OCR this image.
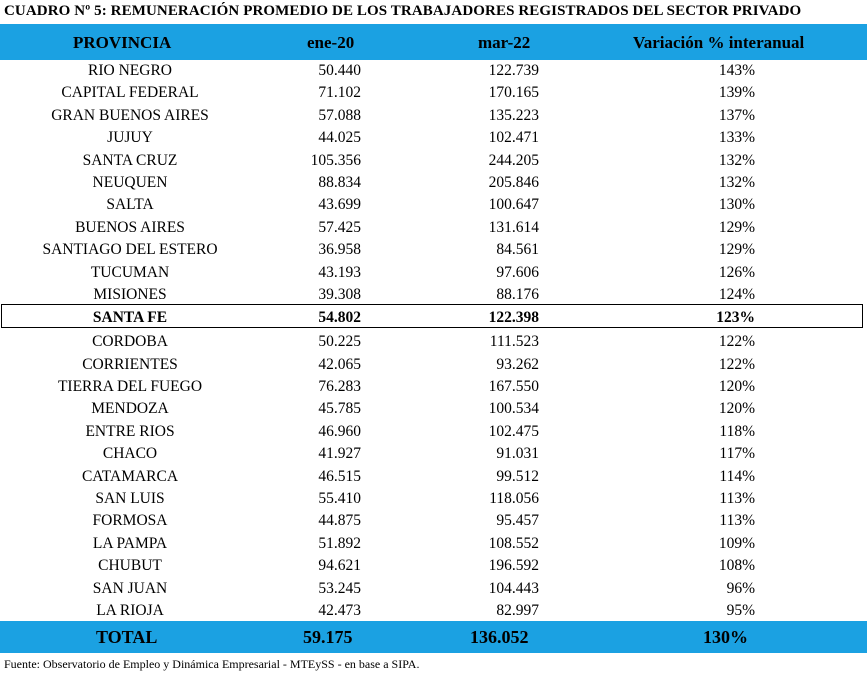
CUADRO Nº 5: REMUNERACIÓN PROMEDIO DE LOS TRABAJADORES REGISTRADOS DEL SECTOR PRIVADO
PROVINCIA	ene-20	mar-22	Variación % interanual
RIO NEGRO	50.440	122.739	143%
CAPITAL FEDERAL	71.102	170.165	139%
GRAN BUENOS AIRES	57.088	135.223	137%
JUJUY	44.025	102.471	133%
SANTA CRUZ	105.356	244.205	132%
NEUQUEN	88.834	205.846	132%
SALTA	43.699	100.647	130%
BUENOS AIRES	57.425	131.614	129%
SANTIAGO DEL ESTERO	36.958	84.561	129%
TUCUMAN	43.193	97.606	126%
MISIONES	39.308	88.176	124%
SANTA FE	54.802	122.398	123%
CORDOBA	50.225	111.523	122%
CORRIENTES	42.065	93.262	122%
TIERRA DEL FUEGO	76.283	167.550	120%
MENDOZA	45.785	100.534	120%
ENTRE RIOS	46.960	102.475	118%
CHACO	41.927	91.031	117%
CATAMARCA	46.515	99.512	114%
SAN LUIS	55.410	118.056	113%
FORMOSA	44.875	95.457	113%
LA PAMPA	51.892	108.552	109%
CHUBUT	94.621	196.592	108%
SAN JUAN	53.245	104.443	96%
LA RIOJA	42.473	82.997	95%
TOTAL	59.175	136.052	130%
Fuente: Observatorio de Empleo y Dinámica Empresarial - MTEySS - en base a SIPA.
